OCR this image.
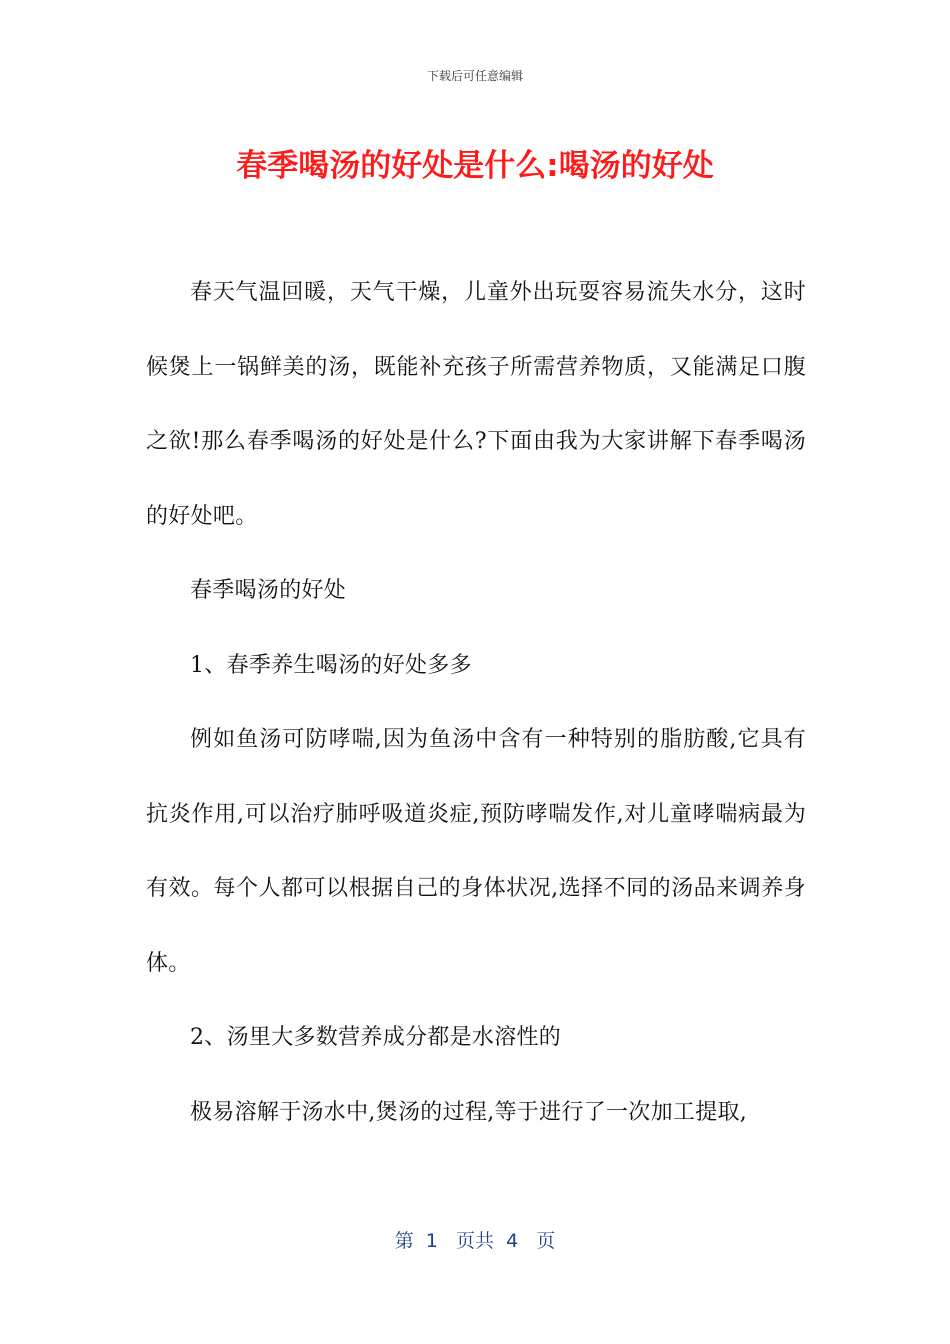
下载后可任意编辑
春季喝汤的好处是什么:喝汤的好处

春天气温回暖，天气干燥，儿童外出玩耍容易流失水分，这时候煲上一锅鲜美的汤，既能补充孩子所需营养物质，又能满足口腹之欲!那么春季喝汤的好处是什么?下面由我为大家讲解下春季喝汤的好处吧。

春季喝汤的好处

1、春季养生喝汤的好处多多

例如鱼汤可防哮喘,因为鱼汤中含有一种特别的脂肪酸,它具有抗炎作用,可以治疗肺呼吸道炎症,预防哮喘发作,对儿童哮喘病最为有效。每个人都可以根据自己的身体状况,选择不同的汤品来调养身体。

2、汤里大多数营养成分都是水溶性的

极易溶解于汤水中,煲汤的过程,等于进行了一次加工提取,

第  1   页共  4   页
